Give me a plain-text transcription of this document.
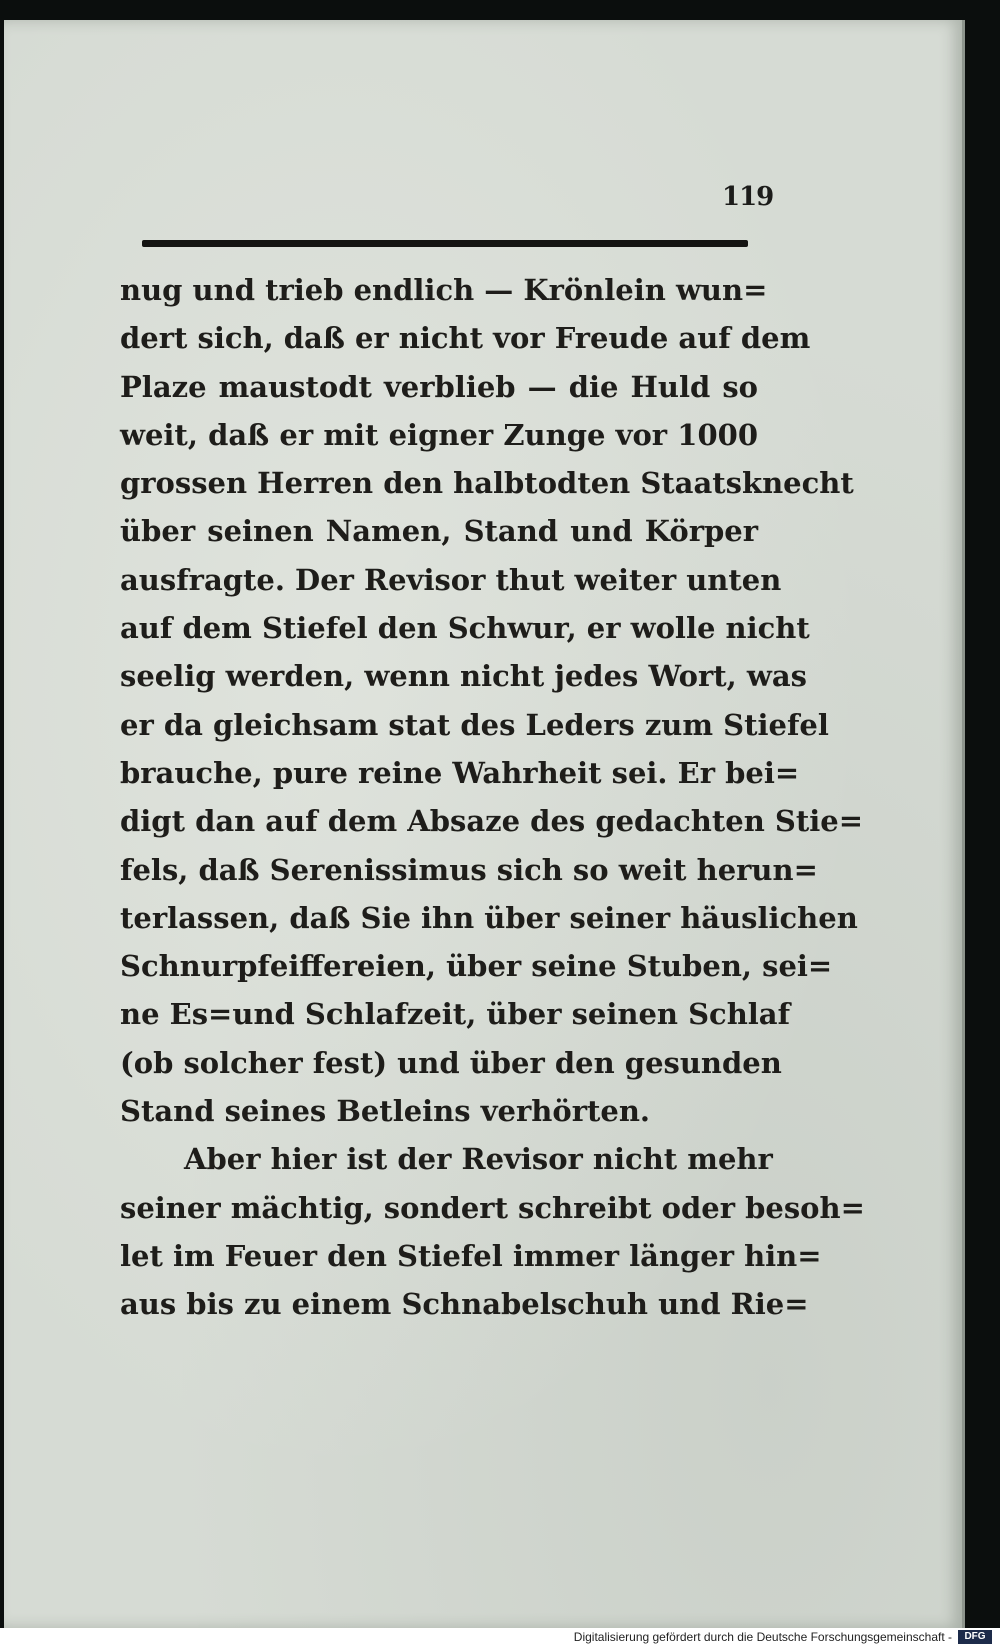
119
nug und trieb endlich — Krönlein wun=
dert sich, daß er nicht vor Freude auf dem
Plaze maustodt verblieb — die Huld so
weit, daß er mit eigner Zunge vor 1000
grossen Herren den halbtodten Staatsknecht
über seinen Namen, Stand und Körper
ausfragte. Der Revisor thut weiter unten
auf dem Stiefel den Schwur, er wolle nicht
seelig werden, wenn nicht jedes Wort, was
er da gleichsam stat des Leders zum Stiefel
brauche, pure reine Wahrheit sei. Er bei=
digt dan auf dem Absaze des gedachten Stie=
fels, daß Serenissimus sich so weit herun=
terlassen, daß Sie ihn über seiner häuslichen
Schnurpfeiffereien, über seine Stuben, sei=
ne Es=und Schlafzeit, über seinen Schlaf
(ob solcher fest) und über den gesunden
Stand seines Betleins verhörten.
Aber hier ist der Revisor nicht mehr
seiner mächtig, sondert schreibt oder besoh=
let im Feuer den Stiefel immer länger hin=
aus bis zu einem Schnabelschuh und Rie=
Digitalisierung gefördert durch die Deutsche Forschungsgemeinschaft -	DFG
